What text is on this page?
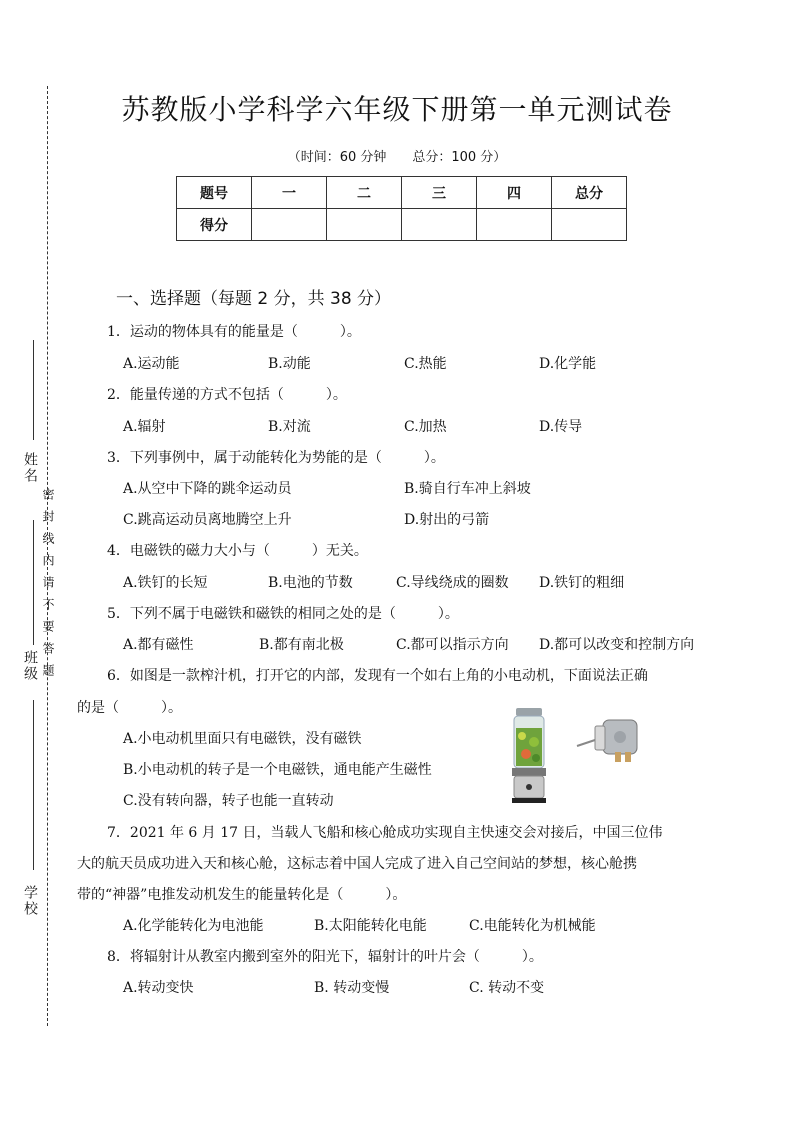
姓名
班级
学校
密封线内请不要答题
苏教版小学科学六年级下册第一单元测试卷
（时间：60 分钟　　总分：100 分）
题号	一	二	三	四	总分
得分					
一、选择题（每题 2 分，共 38 分）
1．运动的物体具有的能量是（　　　）。
A.运动能	B.动能	C.热能	D.化学能
2．能量传递的方式不包括（　　　）。
A.辐射	B.对流	C.加热	D.传导
3．下列事例中，属于动能转化为势能的是（　　　）。
A.从空中下降的跳伞运动员	B.骑自行车冲上斜坡
C.跳高运动员离地腾空上升	D.射出的弓箭
4．电磁铁的磁力大小与（　　　）无关。
A.铁钉的长短	B.电池的节数	C.导线绕成的圈数 D.铁钉的粗细
5．下列不属于电磁铁和磁铁的相同之处的是（　　　）。
A.都有磁性	B.都有南北极	C.都可以指示方向 D.都可以改变和控制方向
6．如图是一款榨汁机，打开它的内部，发现有一个如右上角的小电动机，下面说法正确
的是（　　　）。
A.小电动机里面只有电磁铁，没有磁铁
B.小电动机的转子是一个电磁铁，通电能产生磁性
C.没有转向器，转子也能一直转动
7．2021 年 6 月 17 日，当载人飞船和核心舱成功实现自主快速交会对接后，中国三位伟
大的航天员成功进入天和核心舱，这标志着中国人完成了进入自己空间站的梦想，核心舱携
带的“神器”电推发动机发生的能量转化是（　　　）。
A.化学能转化为电池能	B.太阳能转化电能	C.电能转化为机械能
8．将辐射计从教室内搬到室外的阳光下，辐射计的叶片会（　　　）。
A.转动变快	B. 转动变慢	C. 转动不变
